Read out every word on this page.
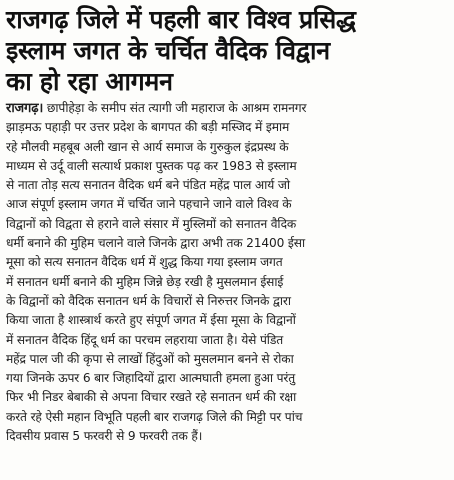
राजगढ़ जिले में पहली बार विश्व प्रसिद्ध
इस्लाम जगत के चर्चित वैदिक विद्वान
का हो रहा आगमन
राजगढ़। छापीहेड़ा के समीप संत त्यागी जी महाराज के आश्रम रामनगर
झाड़मऊ पहाड़ी पर उत्तर प्रदेश के बागपत की बड़ी मस्जिद में इमाम
रहे मौलवी महबूब अली खान से आर्य समाज के गुरुकुल इंद्रप्रस्थ के
माध्यम से उर्दू वाली सत्यार्थ प्रकाश पुस्तक पढ़ कर 1983 से इस्लाम
से नाता तोड़ सत्य सनातन वैदिक धर्म बने पंडित महेंद्र पाल आर्य जो
आज संपूर्ण इस्लाम जगत में चर्चित जाने पहचाने जाने वाले विश्व के
विद्वानों को विद्वता से हराने वाले संसार में मुस्लिमों को सनातन वैदिक
धर्मी बनाने की मुहिम चलाने वाले जिनके द्वारा अभी तक 21400 ईसा
मूसा को सत्य सनातन वैदिक धर्म में शुद्ध किया गया इस्लाम जगत
में सनातन धर्मी बनाने की मुहिम जिन्ने छेड़ रखी है मुसलमान ईसाई
के विद्वानों को वैदिक सनातन धर्म के विचारों से निरुत्तर जिनके द्वारा
किया जाता है शास्त्रार्थ करते हुए संपूर्ण जगत में ईसा मूसा के विद्वानों
में सनातन वैदिक हिंदू धर्म का परचम लहराया जाता है। येसे पंडित
महेंद्र पाल जी की कृपा से लाखों हिंदुओं को मुसलमान बनने से रोका
गया जिनके ऊपर 6 बार जिहादियों द्वारा आत्मघाती हमला हुआ परंतु
फिर भी निडर बेबाकी से अपना विचार रखते रहे सनातन धर्म की रक्षा
करते रहे ऐसी महान विभूति पहली बार राजगढ़ जिले की मिट्टी पर पांच
दिवसीय प्रवास 5 फरवरी से 9 फरवरी तक हैं।
